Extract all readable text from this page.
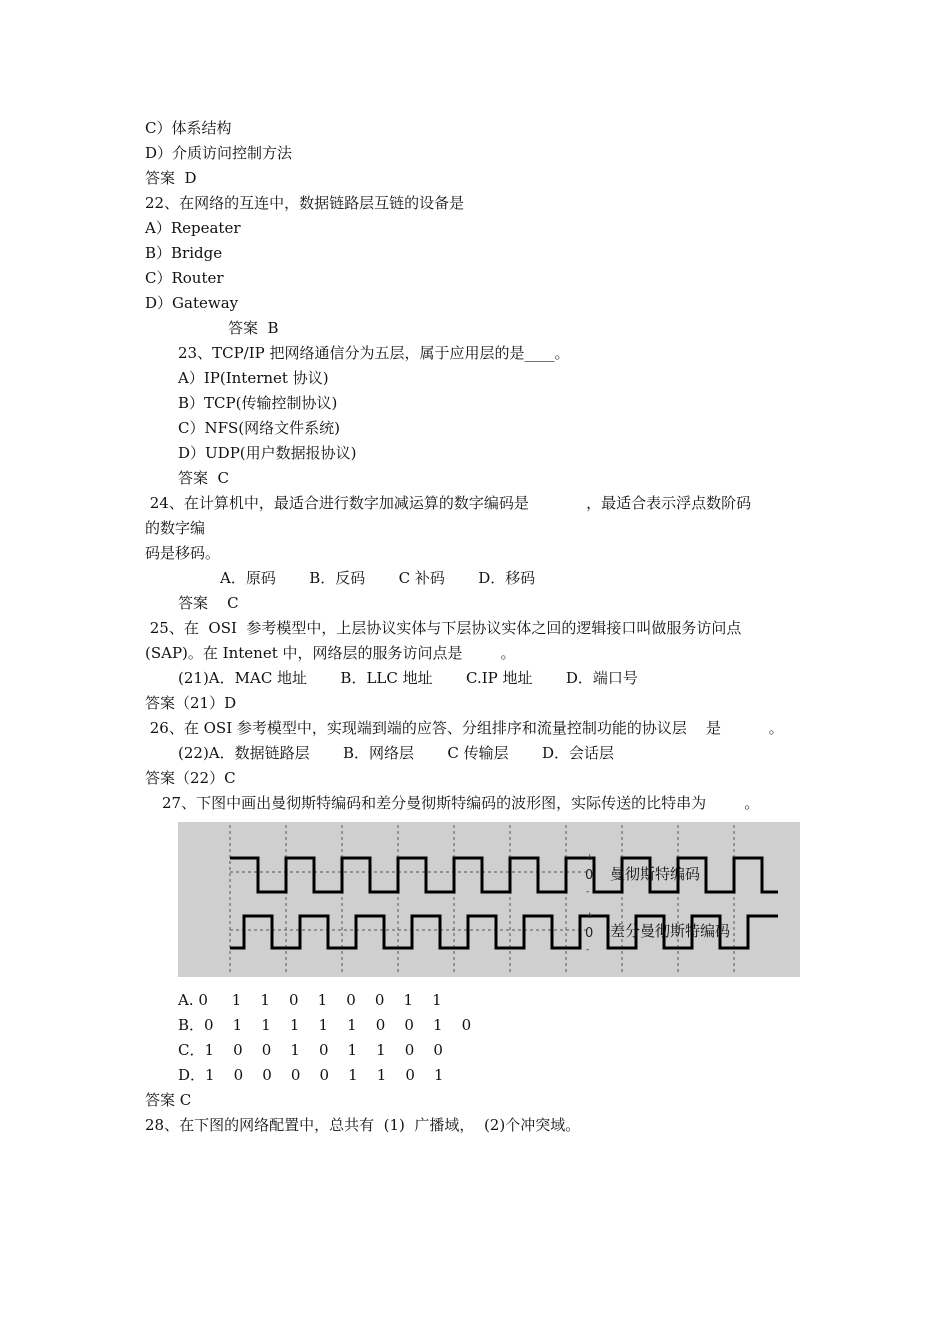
C）体系结构
D）介质访问控制方法
答案  D
22、在网络的互连中，数据链路层互链的设备是
A）Repeater
B）Bridge
C）Router
D）Gateway
答案  B
23、TCP/IP 把网络通信分为五层，属于应用层的是____。
A）IP(Internet 协议)
B）TCP(传输控制协议)
C）NFS(网络文件系统)
D）UDP(用户数据报协议)
答案  C
24、在计算机中，最适合进行数字加减运算的数字编码是            ，最适合表示浮点数阶码
的数字编
码是移码。
A．原码       B．反码       C 补码       D．移码
答案    C
25、在  OSI  参考模型中，上层协议实体与下层协议实体之回的逻辑接口叫做服务访问点
(SAP)。在 Intenet 中，网络层的服务访问点是        。
(21)A．MAC 地址       B．LLC 地址       C.IP 地址       D．端口号
答案（21）D
26、在 OSI 参考模型中，实现端到端的应答、分组排序和流量控制功能的协议层    是          。
(22)A．数据链路层       B．网络层       C 传输层       D．会话层
答案（22）C
27、下图中画出曼彻斯特编码和差分曼彻斯特编码的波形图，实际传送的比特串为        。
+
0
-
曼彻斯特编码
+
0
-
差分曼彻斯特编码
A. 0     1    1    0    1    0    0    1    1
B．0    1    1    1    1    1    0    0    1    0
C．1    0    0    1    0    1    1    0    0
D．1    0    0    0    0    1    1    0    1
答案 C
28、在下图的网络配置中，总共有  (1)  广播域，  (2)个冲突域。
